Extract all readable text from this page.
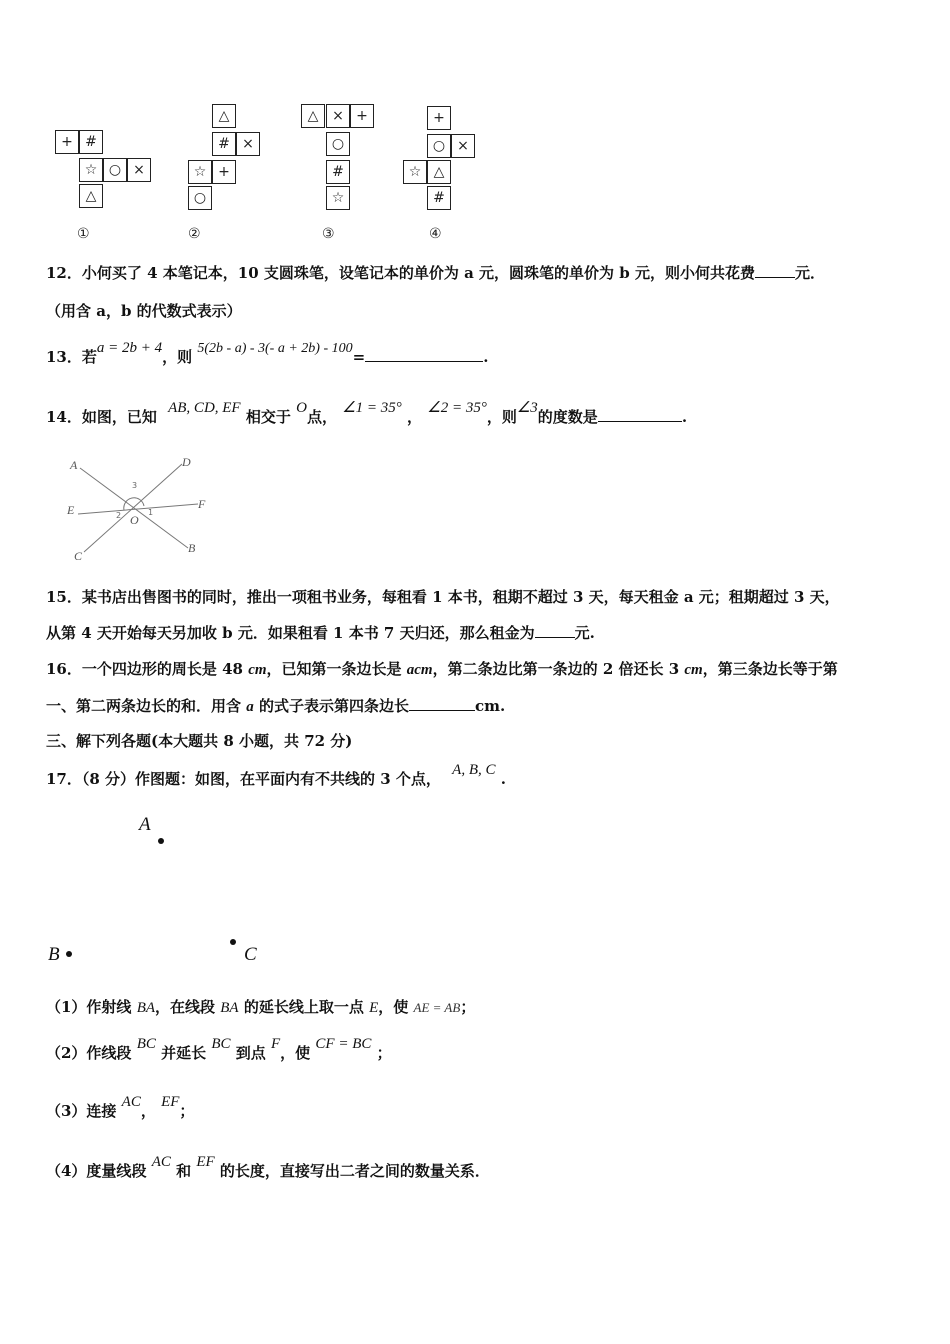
+ #
☆ ○ ×
△
①
△
# ×
☆ +
○
②
△ × +
○
#
☆
③
+
○ ×
☆ △
#
④
12．小何买了 4 本笔记本，10 支圆珠笔，设笔记本的单价为 a 元，圆珠笔的单价为 b 元，则小何共花费	元．
（用含 a，b 的代数式表示）
13．若a = 2b + 4，则 5(2b - a) - 3(- a + 2b) - 100=	.
14．如图，已知 AB, CD, EF 相交于 O点， ∠1 = 35° ， ∠2 = 35°，则∠3的度数是	.
A	D
E	F
C
B
O
1
2
3
15．某书店出售图书的同时，推出一项租书业务，每租看 1 本书，租期不超过 3 天，每天租金 a 元；租期超过 3 天，
从第 4 天开始每天另加收 b 元．如果租看 1 本书 7 天归还，那么租金为	元.
16．一个四边形的周长是 48 cm，已知第一条边长是 acm，第二条边比第一条边的 2 倍还长 3 cm，第三条边长等于第
一、第二两条边长的和．用含 a 的式子表示第四条边长	cm.
三、解下列各题(本大题共 8 小题，共 72 分)
17．（8 分）作图题：如图，在平面内有不共线的 3 个点， A, B, C .
A
B	C
（1）作射线 BA，在线段 BA 的延长线上取一点 E，使 AE = AB；
（2）作线段 BC 并延长 BC 到点 F，使 CF = BC ；
（3）连接 AC， EF；
（4）度量线段 AC 和 EF 的长度，直接写出二者之间的数量关系．
